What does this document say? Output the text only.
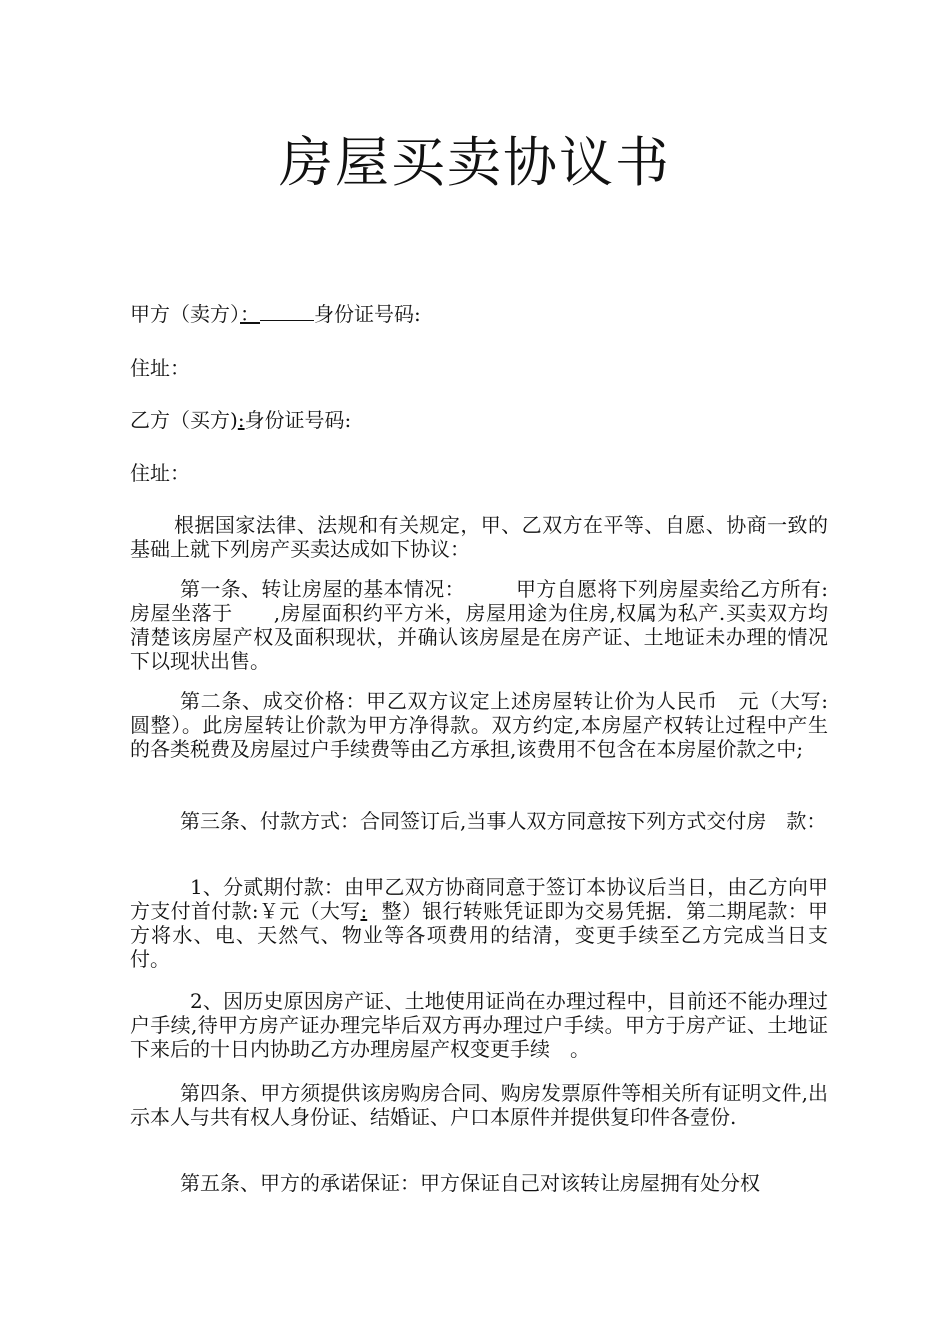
房屋买卖协议书
甲方（卖方）：	身份证号码:
住址：
乙方（买方):身份证号码:
住址：

根据国家法律、法规和有关规定，甲、乙双方在平等、自愿、协商一致的基础上就下列房产买卖达成如下协议：

第一条、转让房屋的基本情况：　　　甲方自愿将下列房屋卖给乙方所有:房屋坐落于　　,房屋面积约平方米，房屋用途为住房,权属为私产.买卖双方均清楚该房屋产权及面积现状，并确认该房屋是在房产证、土地证未办理的情况下以现状出售。

第二条、成交价格：甲乙双方议定上述房屋转让价为人民币　元（大写:　圆整）。此房屋转让价款为甲方净得款。双方约定,本房屋产权转让过程中产生　的各类税费及房屋过户手续费等由乙方承担,该费用不包含在本房屋价款之中;

第三条、付款方式：合同签订后,当事人双方同意按下列方式交付房　款：

1、分贰期付款：由甲乙双方协商同意于签订本协议后当日，由乙方向甲方支付首付款:￥元（大写: 整）银行转账凭证即为交易凭据．第二期尾款：甲方将水、电、天然气、物业等各项费用的结清，变更手续至乙方完成当日支付。

2、因历史原因房产证、土地使用证尚在办理过程中，目前还不能办理过户手续,待甲方房产证办理完毕后双方再办理过户手续。甲方于房产证、土地证下来后的十日内协助乙方办理房屋产权变更手续　。

第四条、甲方须提供该房购房合同、购房发票原件等相关所有证明文件,出示本人与共有权人身份证、结婚证、户口本原件并提供复印件各壹份.

第五条、甲方的承诺保证：甲方保证自己对该转让房屋拥有处分权
